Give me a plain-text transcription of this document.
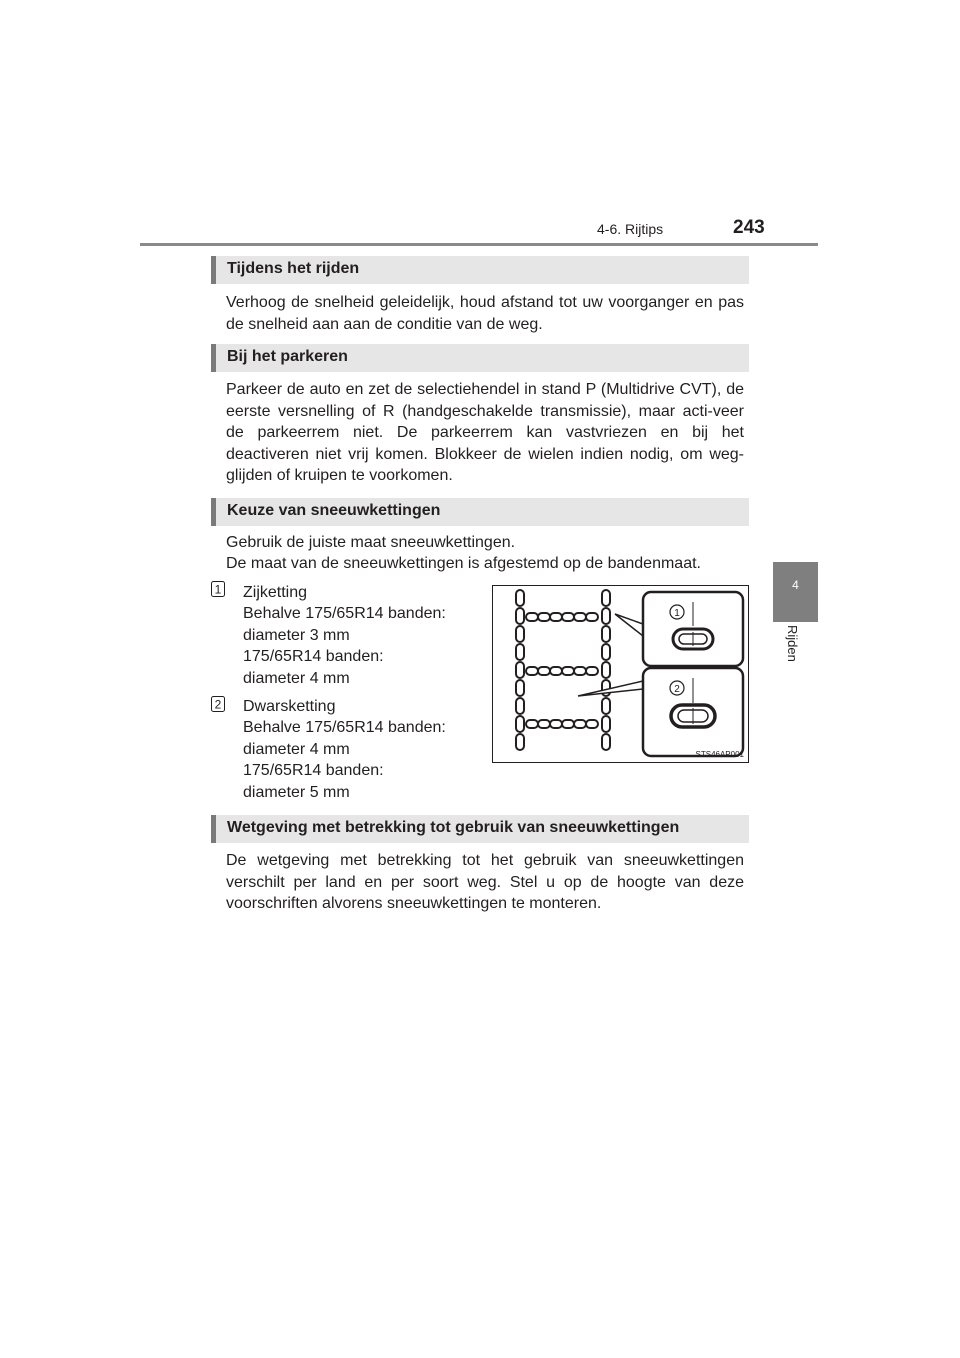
4-6. Rijtips	243
4
Rijden
Tijdens het rijden

Verhoog de snelheid geleidelijk, houd afstand tot uw voorganger en pas de snelheid aan aan de conditie van de weg.

Bij het parkeren

Parkeer de auto en zet de selectiehendel in stand P (Multidrive CVT), de eerste versnelling of R (handgeschakelde transmissie), maar acti-veer de parkeerrem niet. De parkeerrem kan vastvriezen en bij het deactiveren niet vrij komen. Blokkeer de wielen indien nodig, om weg-glijden of kruipen te voorkomen.

Keuze van sneeuwkettingen
Gebruik de juiste maat sneeuwkettingen.
De maat van de sneeuwkettingen is afgestemd op de bandenmaat.
1 Zijketting
Behalve 175/65R14 banden:
diameter 3 mm
175/65R14 banden:
diameter 4 mm
2 Dwarsketting
Behalve 175/65R14 banden:
diameter 4 mm
175/65R14 banden:
diameter 5 mm
1
2
STS46AP001
Wetgeving met betrekking tot gebruik van sneeuwkettingen

De wetgeving met betrekking tot het gebruik van sneeuwkettingen verschilt per land en per soort weg. Stel u op de hoogte van deze voorschriften alvorens sneeuwkettingen te monteren.
